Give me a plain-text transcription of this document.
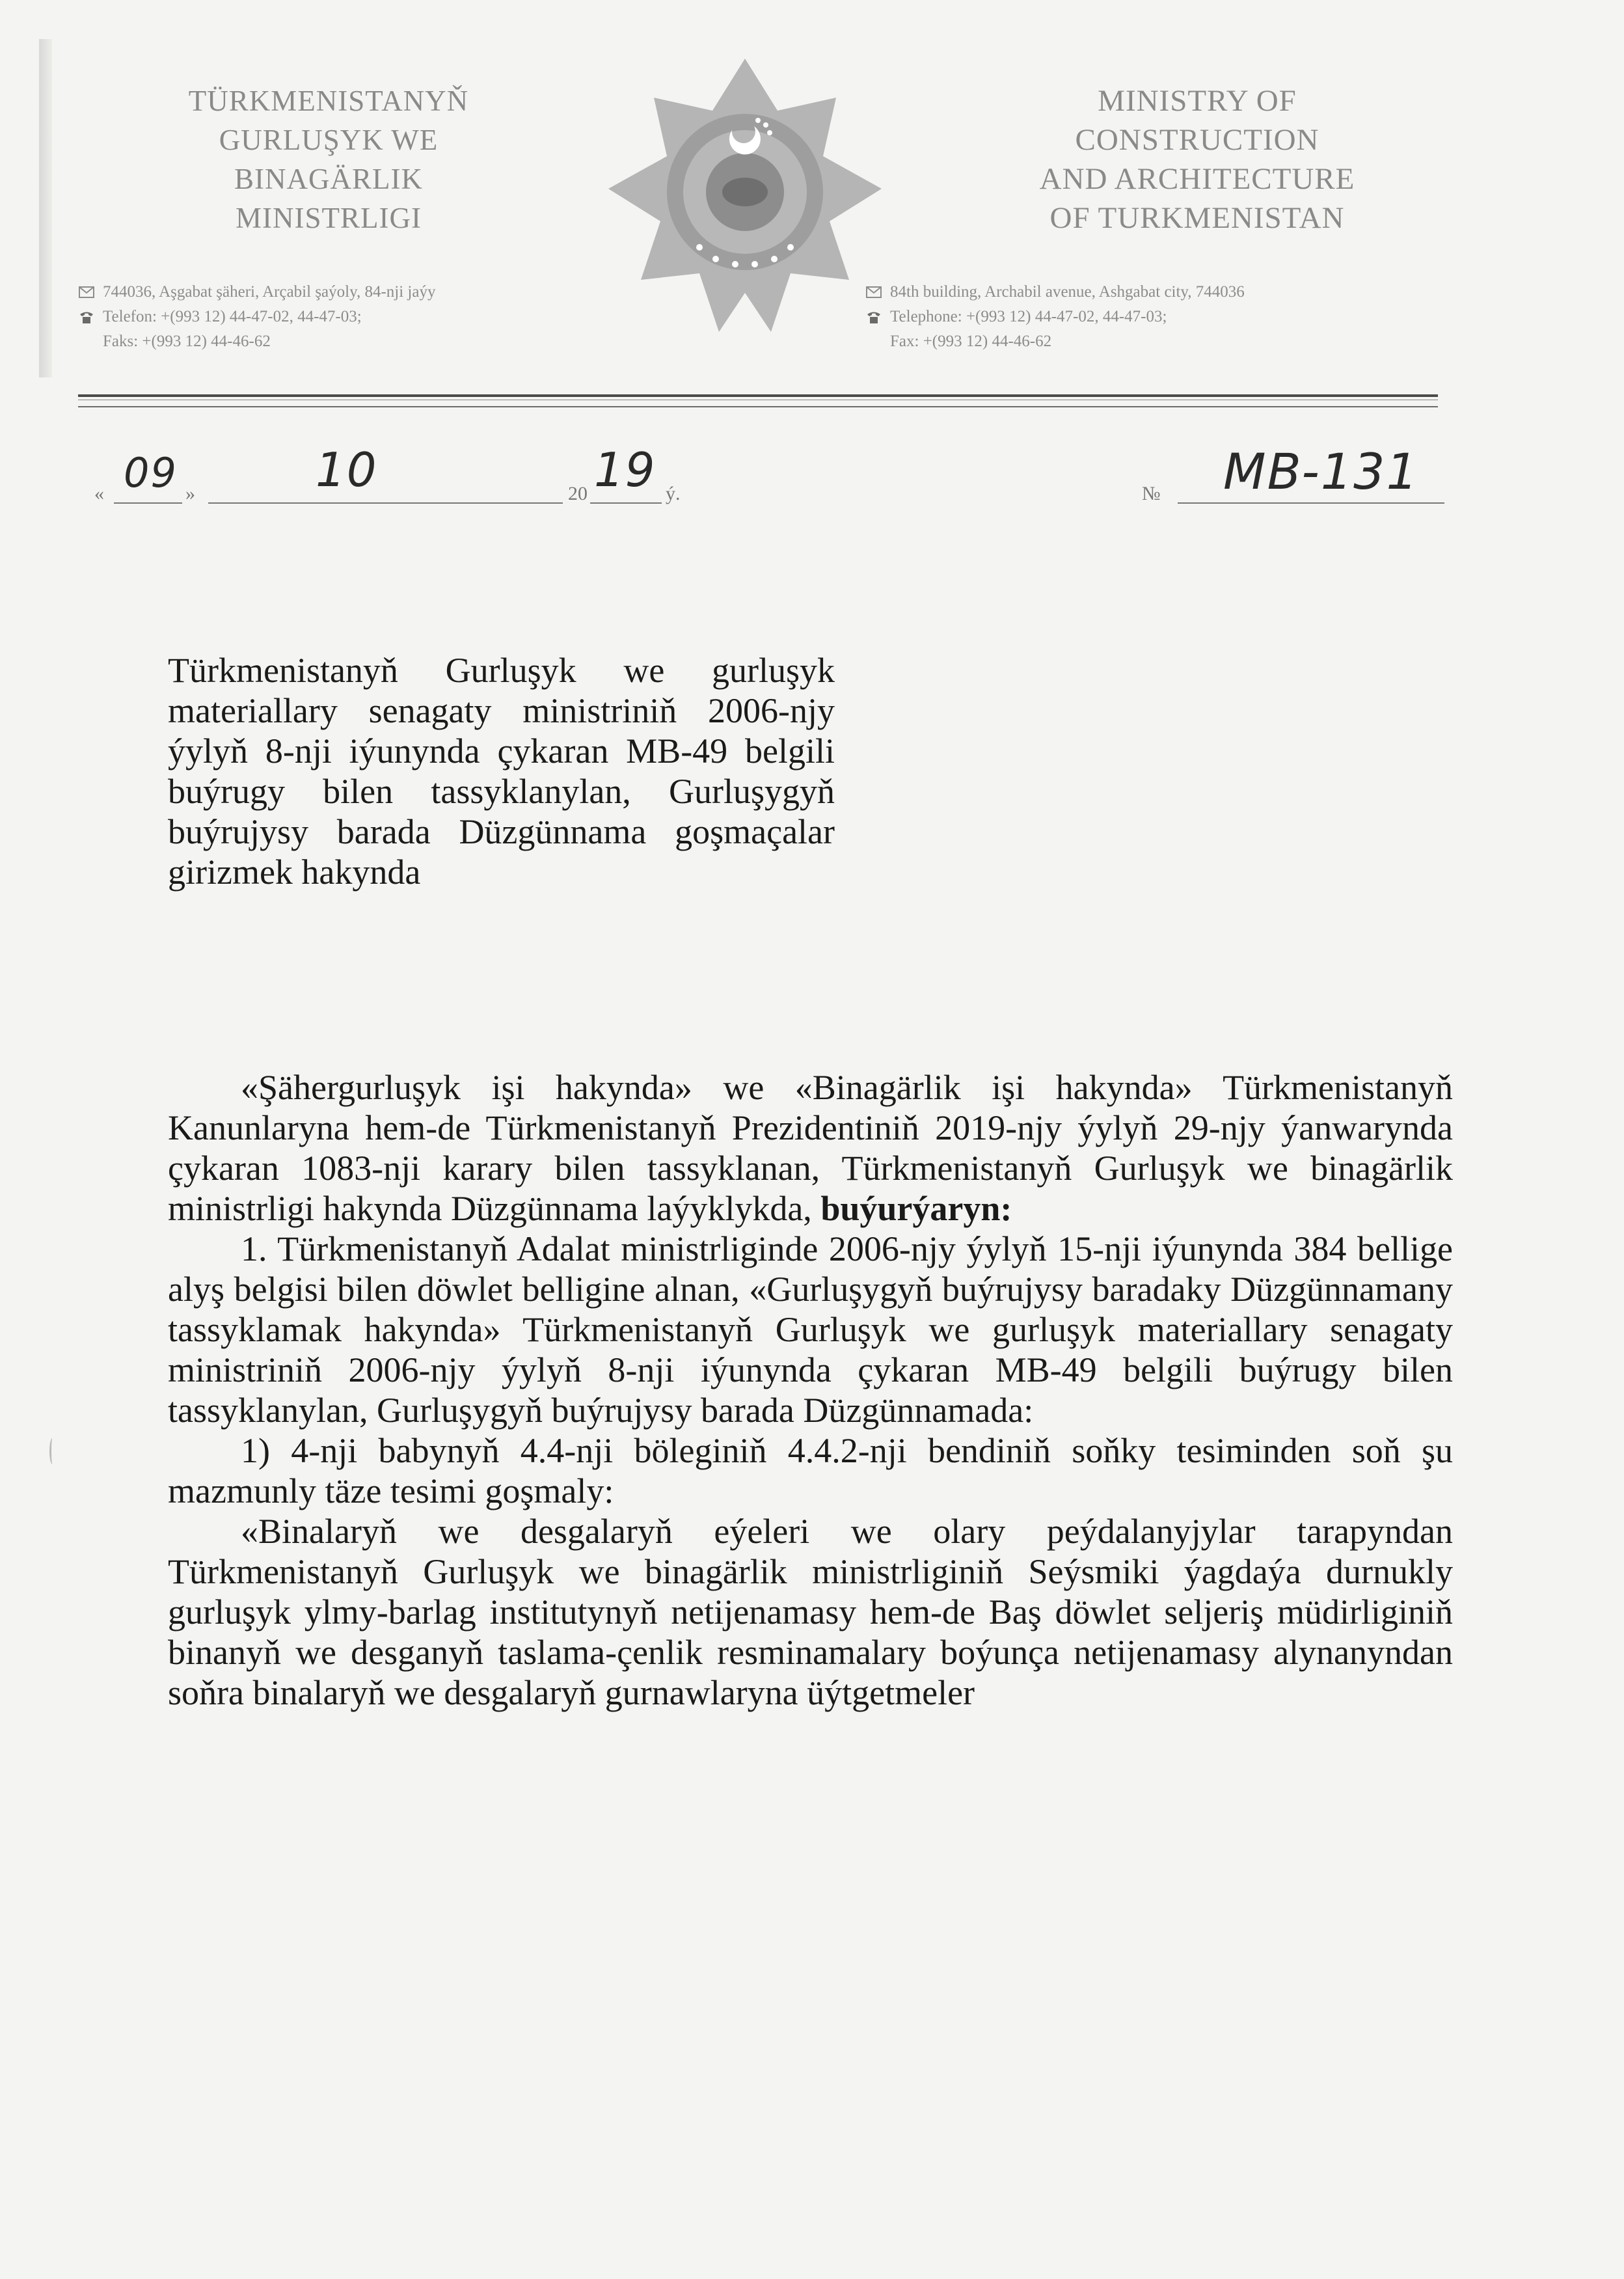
TÜRKMENISTANYŇ
GURLUŞYK WE
BINAGÄRLIK
MINISTRLIGI
MINISTRY OF
CONSTRUCTION
AND ARCHITECTURE
OF TURKMENISTAN
744036, Aşgabat şäheri, Arçabil şaýoly, 84-nji jaýy
Telefon: +(993 12) 44-47-02, 44-47-03;
Faks: +(993 12) 44-46-62
84th building, Archabil avenue, Ashgabat city, 744036
Telephone: +(993 12) 44-47-02, 44-47-03;
Fax: +(993 12) 44-46-62
« 09 »	10	20 19 ý.	№ MB-131

Türkmenistanyň Gurluşyk we gurluşyk materiallary senagaty ministriniň 2006-njy ýylyň 8-nji iýunynda çykaran MB-49 belgili buýrugy bilen tassyklanylan, Gurluşygyň buýrujysy barada Düzgünnama goşmaçalar girizmek hakynda

«Şähergurluşyk işi hakynda» we «Binagärlik işi hakynda» Türkmenistanyň Kanunlaryna hem-de Türkmenistanyň Prezidentiniň 2019-njy ýylyň 29-njy ýanwarynda çykaran 1083-nji karary bilen tassyklanan, Türkmenistanyň Gurluşyk we binagärlik ministrligi hakynda Düzgünnama laýyklykda, buýurýaryn:

1. Türkmenistanyň Adalat ministrliginde 2006-njy ýylyň 15-nji iýunynda 384 bellige alyş belgisi bilen döwlet belligine alnan, «Gurluşygyň buýrujysy baradaky Düzgünnamany tassyklamak hakynda» Türkmenistanyň Gurluşyk we gurluşyk materiallary senagaty ministriniň 2006-njy ýylyň 8-nji iýunynda çykaran MB-49 belgili buýrugy bilen tassyklanylan, Gurluşygyň buýrujysy barada Düzgünnamada:

1) 4-nji babynyň 4.4-nji böleginiň 4.4.2-nji bendiniň soňky tesiminden soň şu mazmunly täze tesimi goşmaly:

«Binalaryň we desgalaryň eýeleri we olary peýdalanyjylar tarapyndan Türkmenistanyň Gurluşyk we binagärlik ministrliginiň Seýsmiki ýagdaýa durnukly gurluşyk ylmy-barlag institutynyň netijenamasy hem-de Baş döwlet seljeriş müdirliginiň binanyň we desganyň taslama-çenlik resminamalary boýunça netijenamasy alynanyndan soňra binalaryň we desgalaryň gurnawlaryna üýtgetmeler
